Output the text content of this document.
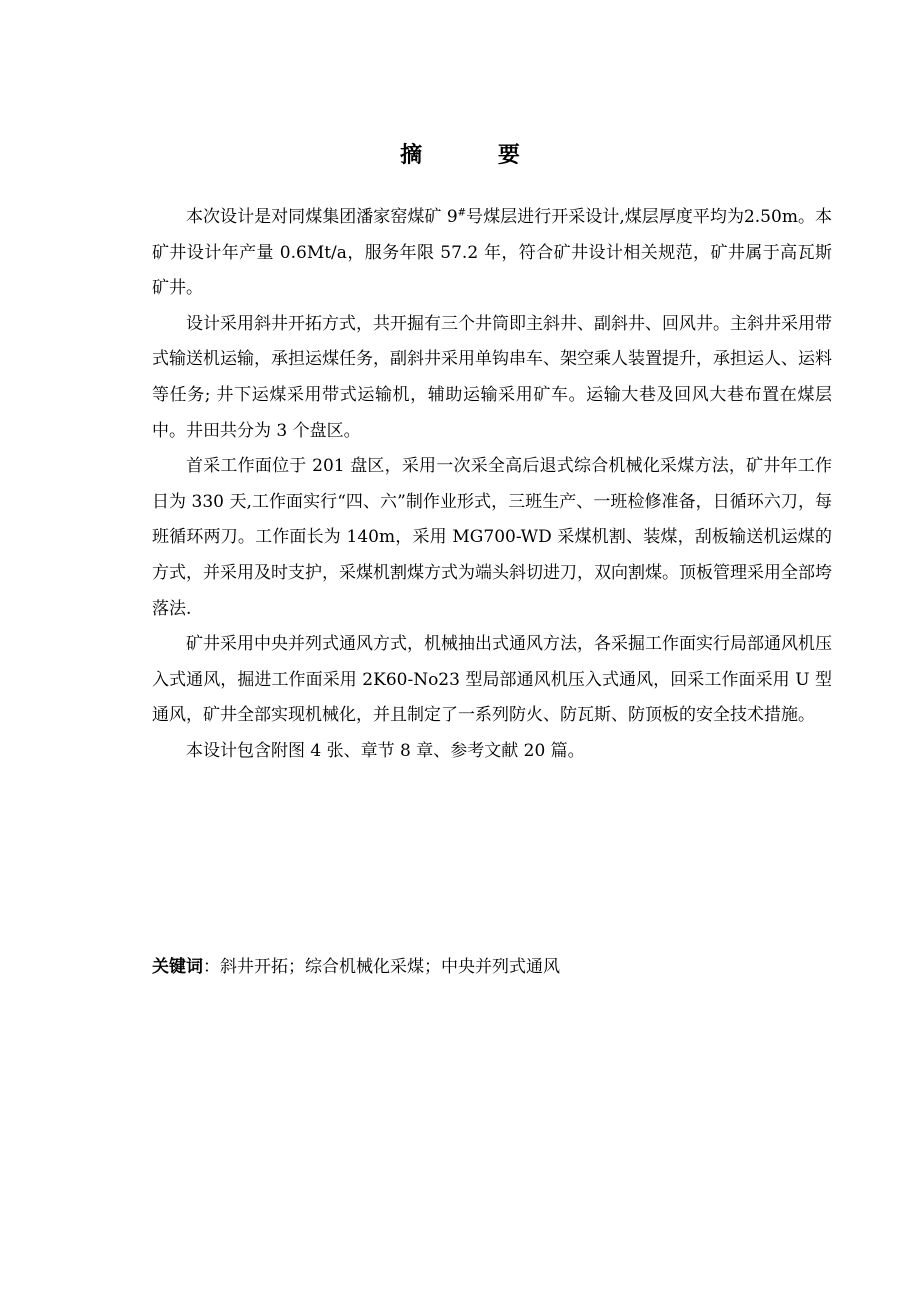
摘 要

本次设计是对同煤集团潘家窑煤矿 9#号煤层进行开采设计,煤层厚度平均为2.50m。本矿井设计年产量 0.6Mt/a，服务年限 57.2 年，符合矿井设计相关规范，矿井属于高瓦斯矿井。

设计采用斜井开拓方式，共开掘有三个井筒即主斜井、副斜井、回风井。主斜井采用带式输送机运输，承担运煤任务，副斜井采用单钩串车、架空乘人装置提升，承担运人、运料等任务; 井下运煤采用带式运输机，辅助运输采用矿车。运输大巷及回风大巷布置在煤层中。井田共分为 3 个盘区。

首采工作面位于 201 盘区，采用一次采全高后退式综合机械化采煤方法，矿井年工作日为 330 天,工作面实行“四、六”制作业形式，三班生产、一班检修准备，日循环六刀，每班循环两刀。工作面长为 140m，采用 MG700-WD 采煤机割、装煤，刮板输送机运煤的方式，并采用及时支护，采煤机割煤方式为端头斜切进刀，双向割煤。顶板管理采用全部垮落法.

矿井采用中央并列式通风方式，机械抽出式通风方法，各采掘工作面实行局部通风机压入式通风，掘进工作面采用 2K60-No23 型局部通风机压入式通风，回采工作面采用 U 型通风，矿井全部实现机械化，并且制定了一系列防火、防瓦斯、防顶板的安全技术措施。

本设计包含附图 4 张、章节 8 章、参考文献 20 篇。

关键词：斜井开拓；综合机械化采煤；中央并列式通风
